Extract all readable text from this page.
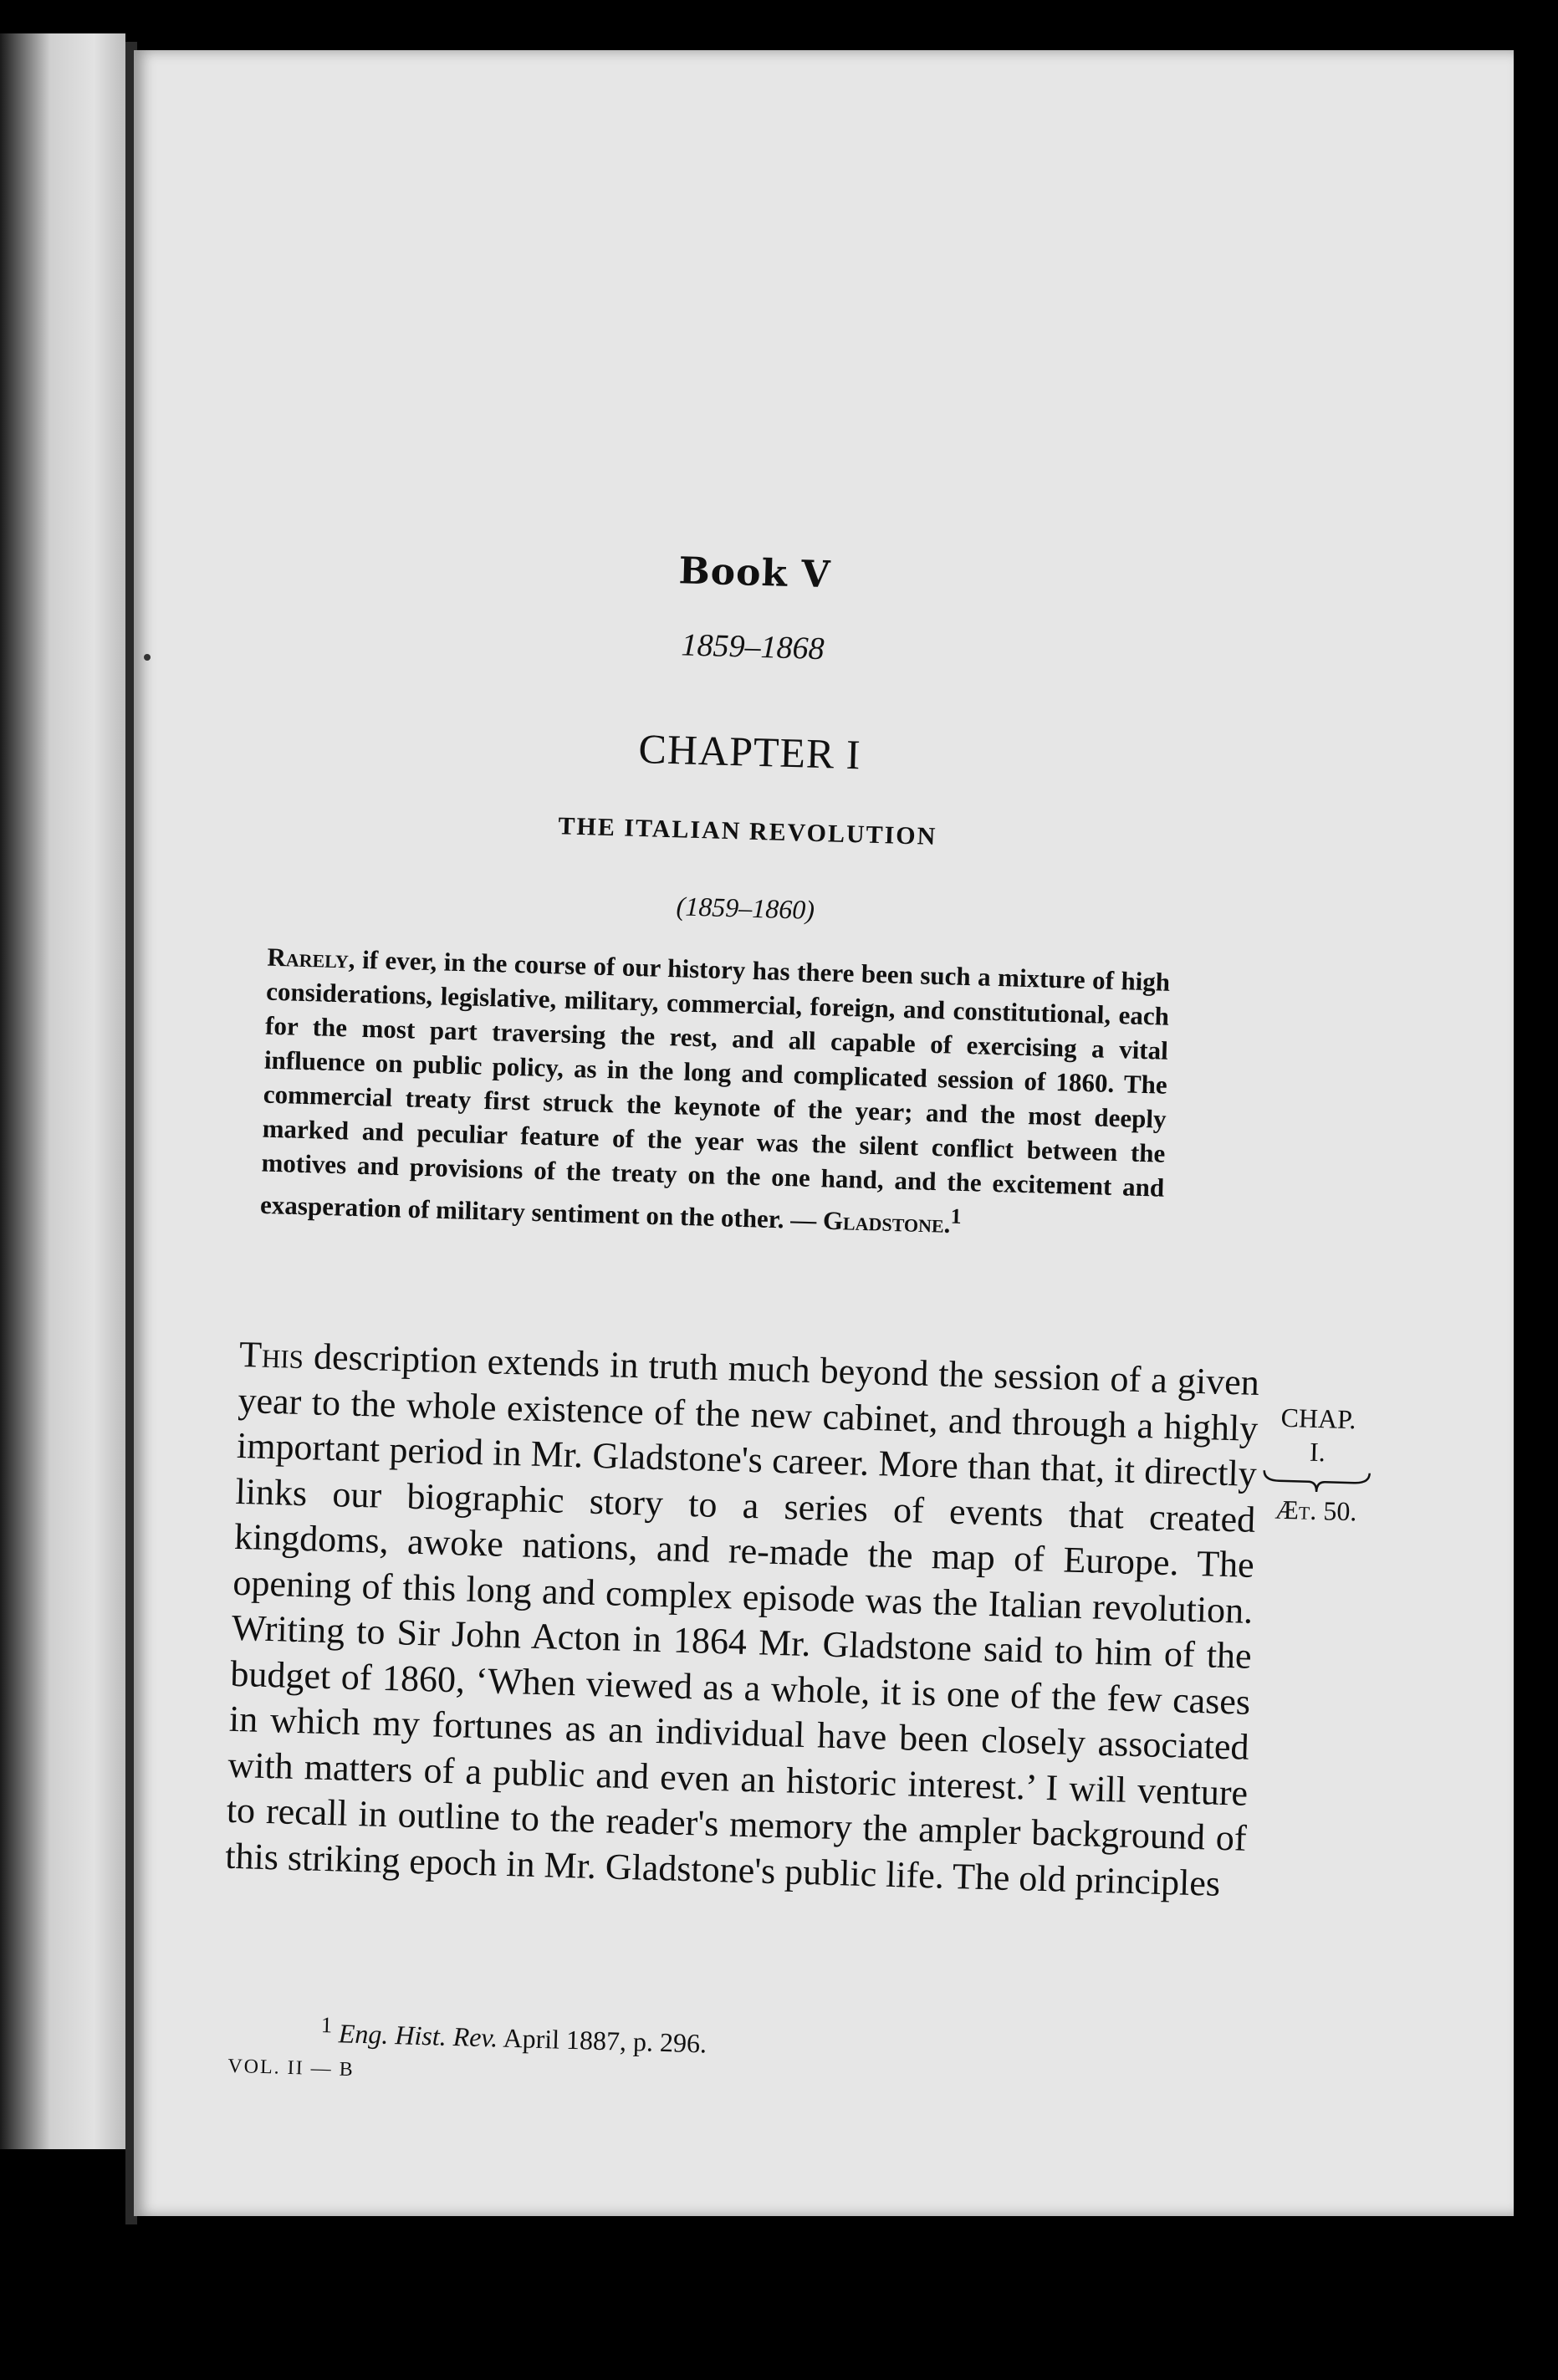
Book V
1859–1868
CHAPTER I
THE ITALIAN REVOLUTION
(1859–1860)
Rarely, if ever, in the course of our history has there been such a mixture of high considerations, legislative, military, commercial, foreign, and constitutional, each for the most part traversing the rest, and all capable of exercising a vital influence on public policy, as in the long and complicated session of 1860. The commercial treaty first struck the keynote of the year; and the most deeply marked and peculiar feature of the year was the silent conflict between the motives and provisions of the treaty on the one hand, and the excitement and exasperation of military sentiment on the other. — Gladstone.$^1$
This description extends in truth much beyond the session of a given year to the whole existence of the new cabinet, and through a highly important period in Mr. Gladstone's career. More than that, it directly links our biographic story to a series of events that created kingdoms, awoke nations, and re-made the map of Europe. The opening of this long and complex episode was the Italian revolution. Writing to Sir John Acton in 1864 Mr. Gladstone said to him of the budget of 1860, ‘When viewed as a whole, it is one of the few cases in which my fortunes as an individual have been closely associated with matters of a public and even an historic interest.’ I will venture to recall in outline to the reader's memory the ampler background of this striking epoch in Mr. Gladstone's public life. The old principles
$^1$ Eng. Hist. Rev. April 1887, p. 296.
VOL. II — B
CHAP.
I.
Æt. 50.
